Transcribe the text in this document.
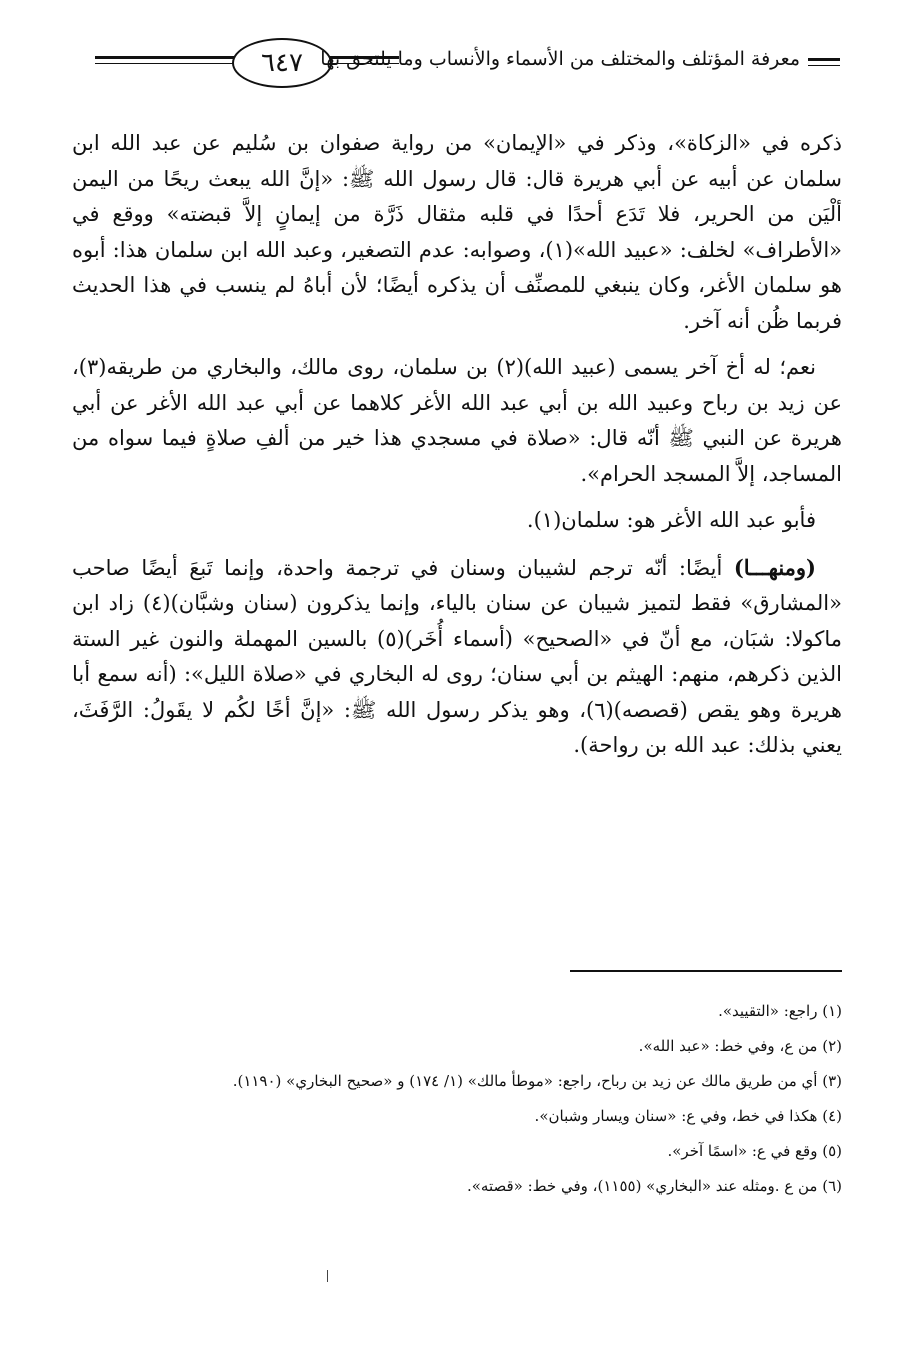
٦٤٧ معرفة المؤتلف والمختلف من الأسماء والأنساب وما يلتحق بها

ذكره في «الزكاة»، وذكر في «الإيمان» من رواية صفوان بن سُليم عن عبد الله ابن سلمان عن أبيه عن أبي هريرة قال: قال رسول الله ﷺ: «إنَّ الله يبعث ريحًا من اليمن ألْيَن من الحرير، فلا تَدَع أحدًا في قلبه مثقال ذَرَّة من إيمانٍ إلاَّ قبضته» ووقع في «الأطراف» لخلف: «عبيد الله»(١)، وصوابه: عدم التصغير، وعبد الله ابن سلمان هذا: أبوه هو سلمان الأغر، وكان ينبغي للمصنِّف أن يذكره أيضًا؛ لأن أباهُ لم ينسب في هذا الحديث فربما ظُن أنه آخر.

نعم؛ له أخ آخر يسمى (عبيد الله)(٢) بن سلمان، روى مالك، والبخاري من طريقه(٣)، عن زيد بن رباح وعبيد الله بن أبي عبد الله الأغر كلاهما عن أبي عبد الله الأغر عن أبي هريرة عن النبي ﷺ أنّه قال: «صلاة في مسجدي هذا خير من ألفِ صلاةٍ فيما سواه من المساجد، إلاَّ المسجد الحرام».

فأبو عبد الله الأغر هو: سلمان(١).

(ومنهـــا) أيضًا: أنّه ترجم لشيبان وسنان في ترجمة واحدة، وإنما تَبعَ أيضًا صاحب «المشارق» فقط لتميز شيبان عن سنان بالياء، وإنما يذكرون (سنان وشبَّان)(٤) زاد ابن ماكولا: شبَان، مع أنّ في «الصحيح» (أسماء أُخَر)(٥) بالسين المهملة والنون غير الستة الذين ذكرهم، منهم: الهيثم بن أبي سنان؛ روى له البخاري في «صلاة الليل»: (أنه سمع أبا هريرة وهو يقص (قصصه)(٦)، وهو يذكر رسول الله ﷺ: «إنَّ أخًا لكُم لا يقَولُ: الرَّفَثَ، يعني بذلك: عبد الله بن رواحة).

(١) راجع: «التقييد».
(٢) من ع، وفي خط: «عبد الله».
(٣) أي من طريق مالك عن زيد بن رباح، راجع: «موطأ مالك» (١/ ١٧٤) و «صحيح البخاري» (١١٩٠).
(٤) هكذا في خط، وفي ع: «سنان ويسار وشبان».
(٥) وقع في ع: «اسمًا آخر».
(٦) من ع .ومثله عند «البخاري» (١١٥٥)، وفي خط: «قصته».
